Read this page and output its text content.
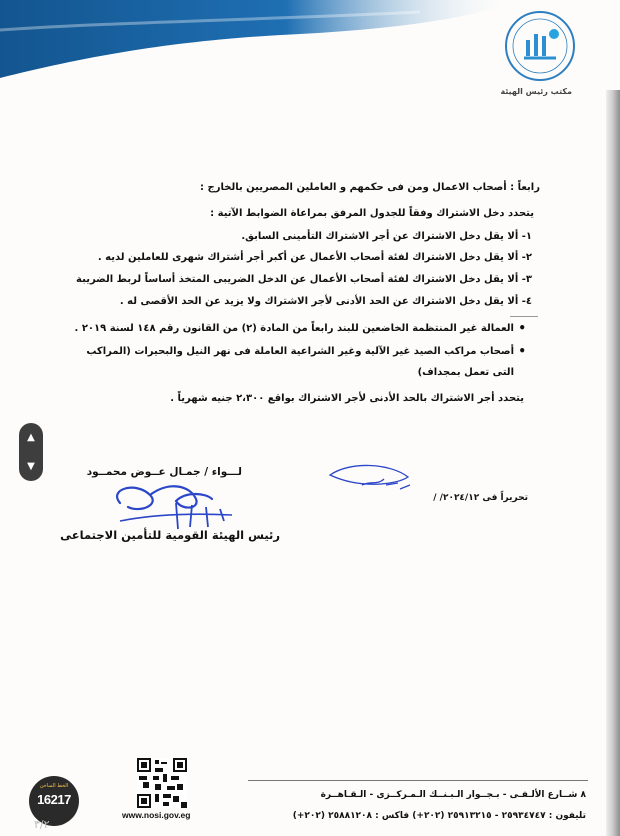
مكتب رئيس الهيئة
رابعاً : أصحاب الاعمال ومن فى حكمهم و العاملين المصريين بالخارج :
يتحدد دخل الاشتراك وفقاً للجدول المرفق بمراعاة الضوابط الآتية :
١- ألا يقل دخل الاشتراك عن أجر الاشتراك التأمينى السابق.
٢- ألا يقل دخل الاشتراك لفئة أصحاب الأعمال عن أكبر أجر أشتراك شهرى للعاملين لديه .
٣- ألا يقل دخل الاشتراك لفئة أصحاب الأعمال عن الدخل الضريبى المتخذ أساساً لربط الضريبة
٤- ألا يقل دخل الاشتراك عن الحد الأدنى لأجر الاشتراك ولا يزيد عن الحد الأقصى له .
•
العمالة غير المنتظمة الخاضعين للبند رابعاً من المادة (٢) من القانون رقم ١٤٨ لسنة ٢٠١٩ .
•
أصحاب مراكب الصيد غير الآلية وغير الشراعية العاملة فى نهر النيل والبحيرات (المراكب
التى تعمل بمجداف)
يتحدد أجر الاشتراك بالحد الأدنى لأجر الاشتراك بواقع ٢،٣٠٠ جنيه شهرياً .
▲
▼	لـــواء / جمـال عــوض محمــود
تحريراً فى ٢٠٢٤/١٢/ /
رئيس الهيئة القومية للتأمين الاجتماعى
٨ شــارع الألـفـى - بـجــوار الـبـنــك الـمـركــزى - الـقـاهــرة
تليفون : ٢٥٩٣٤٧٤٧ - ٢٥٩١٣٢١٥ (٢٠٢+) فاكس : ٢٥٨٨١٢٠٨ (٢٠٢+)
www.nosi.gov.eg
الخط الساخن
16217
٣/٢
